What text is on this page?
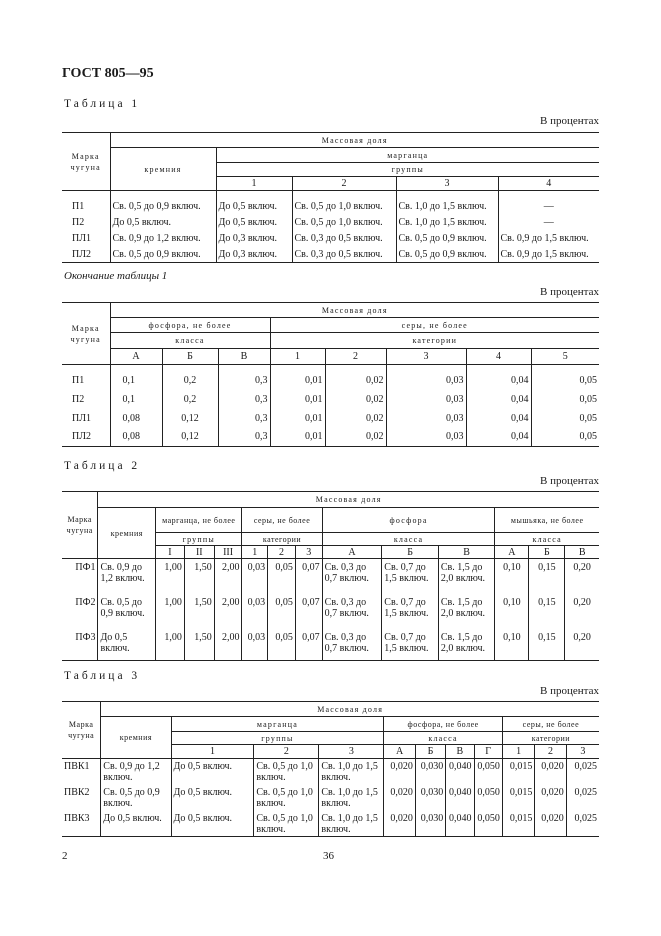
ГОСТ 805—95
Таблица 1
В процентах
Марка чугуна	Массовая доля				
	кремния	марганца			
		группы			
		1	2	3	4

П1	Св. 0,5 до 0,9 включ.	До 0,5 включ.	Св. 0,5 до 1,0 включ.	Св. 1,0 до 1,5 включ.	—
П2	До 0,5 включ.	До 0,5 включ.	Св. 0,5 до 1,0 включ.	Св. 1,0 до 1,5 включ.	—
ПЛ1	Св. 0,9 до 1,2 включ.	До 0,3 включ.	Св. 0,3 до 0,5 включ.	Св. 0,5 до 0,9 включ.	Св. 0,9 до 1,5 включ.
ПЛ2	Св. 0,5 до 0,9 включ.	До 0,3 включ.	Св. 0,3 до 0,5 включ.	Св. 0,5 до 0,9 включ.	Св. 0,9 до 1,5 включ.
Окончание таблицы 1
В процентах
Марка чугуна	Массовая доля							
	фосфора, не более			серы, не более				
	класса			категории				
	А	Б	В	1	2	3	4	5

П1	0,1	0,2	0,3	0,01	0,02	0,03	0,04	0,05
П2	0,1	0,2	0,3	0,01	0,02	0,03	0,04	0,05
ПЛ1	0,08	0,12	0,3	0,01	0,02	0,03	0,04	0,05
ПЛ2	0,08	0,12	0,3	0,01	0,02	0,03	0,04	0,05
Таблица 2
В процентах
Марка чугуна	Массовая доля												
	кремния	марганца, не более			серы, не более			фосфора			мышьяка, не более		
		группы			категории			класса			класса		
		I	II	III	1	2	3	А	Б	В	А	Б	В
ПФ1	Св. 0,9 до 1,2 включ.	1,00	1,50	2,00	0,03	0,05	0,07	Св. 0,3 до 0,7 включ.	Св. 0,7 до 1,5 включ.	Св. 1,5 до 2,0 включ.	0,10	0,15	0,20
ПФ2	Св. 0,5 до 0,9 включ.	1,00	1,50	2,00	0,03	0,05	0,07	Св. 0,3 до 0,7 включ.	Св. 0,7 до 1,5 включ.	Св. 1,5 до 2,0 включ.	0,10	0,15	0,20
ПФ3	До 0,5 включ.	1,00	1,50	2,00	0,03	0,05	0,07	Св. 0,3 до 0,7 включ.	Св. 0,7 до 1,5 включ.	Св. 1,5 до 2,0 включ.	0,10	0,15	0,20
Таблица 3
В процентах
Марка чугуна	Массовая доля										
	кремния	марганца			фосфора, не более				серы, не более		
		группы			класса				категории		
		1	2	3	А	Б	В	Г	1	2	3
ПВК1	Св. 0,9 до 1,2 включ.	До 0,5 включ.	Св. 0,5 до 1,0 включ.	Св. 1,0 до 1,5 включ.	0,020	0,030	0,040	0,050	0,015	0,020	0,025
ПВК2	Св. 0,5 до 0,9 включ.	До 0,5 включ.	Св. 0,5 до 1,0 включ.	Св. 1,0 до 1,5 включ.	0,020	0,030	0,040	0,050	0,015	0,020	0,025
ПВК3	До 0,5 включ.	До 0,5 включ.	Св. 0,5 до 1,0 включ.	Св. 1,0 до 1,5 включ.	0,020	0,030	0,040	0,050	0,015	0,020	0,025
2	36
